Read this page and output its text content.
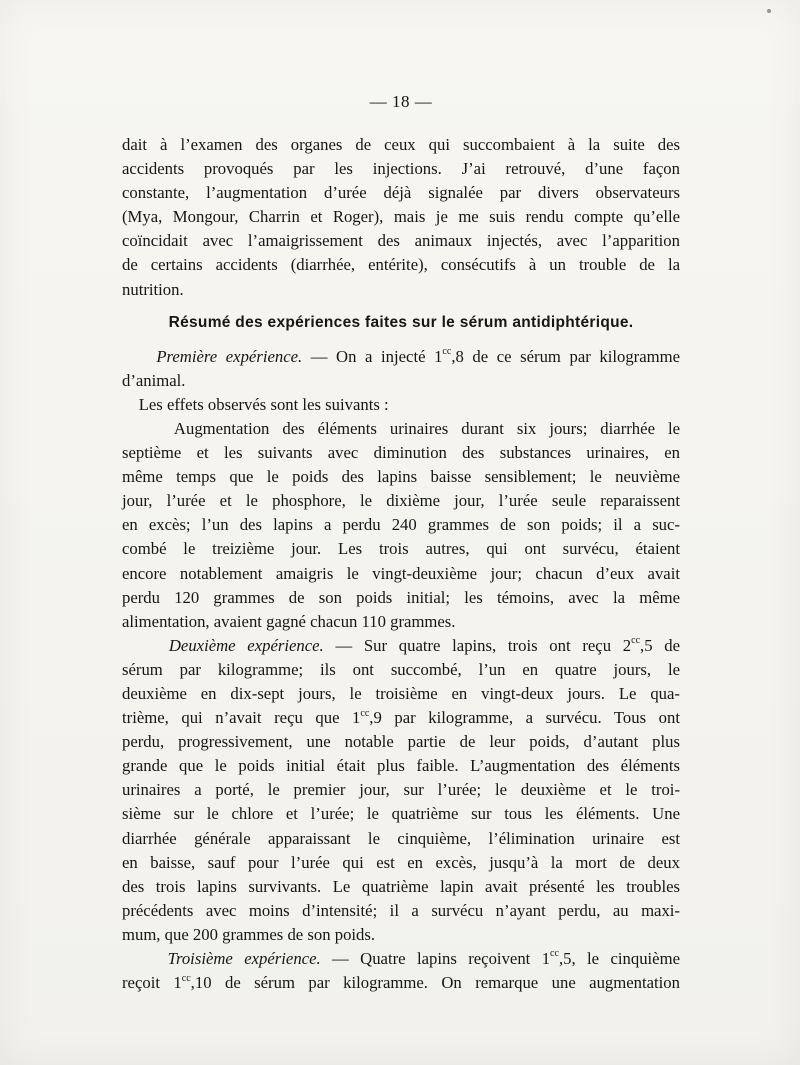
— 18 —
dait à l’examen des organes de ceux qui succombaient à la suite des
accidents provoqués par les injections. J’ai retrouvé, d’une façon
constante, l’augmentation d’urée déjà signalée par divers observateurs
(Mya, Mongour, Charrin et Roger), mais je me suis rendu compte qu’elle
coïncidait avec l’amaigrissement des animaux injectés, avec l’apparition
de certains accidents (diarrhée, entérite), consécutifs à un trouble de la
nutrition.
Résumé des expériences faites sur le sérum antidiphtérique.
Première expérience. — On a injecté $1^{cc},8$ de ce sérum par kilogramme
d’animal.
Les effets observés sont les suivants :
Augmentation des éléments urinaires durant six jours; diarrhée le
septième et les suivants avec diminution des substances urinaires, en
même temps que le poids des lapins baisse sensiblement; le neuvième
jour, l’urée et le phosphore, le dixième jour, l’urée seule reparaissent
en excès; l’un des lapins a perdu 240 grammes de son poids; il a suc-
combé le treizième jour. Les trois autres, qui ont survécu, étaient
encore notablement amaigris le vingt-deuxième jour; chacun d’eux avait
perdu 120 grammes de son poids initial; les témoins, avec la même
alimentation, avaient gagné chacun 110 grammes.
Deuxième expérience. — Sur quatre lapins, trois ont reçu $2^{cc},5$ de
sérum par kilogramme; ils ont succombé, l’un en quatre jours, le
deuxième en dix-sept jours, le troisième en vingt-deux jours. Le qua-
trième, qui n’avait reçu que $1^{cc},9$ par kilogramme, a survécu. Tous ont
perdu, progressivement, une notable partie de leur poids, d’autant plus
grande que le poids initial était plus faible. L’augmentation des éléments
urinaires a porté, le premier jour, sur l’urée; le deuxième et le troi-
sième sur le chlore et l’urée; le quatrième sur tous les éléments. Une
diarrhée générale apparaissant le cinquième, l’élimination urinaire est
en baisse, sauf pour l’urée qui est en excès, jusqu’à la mort de deux
des trois lapins survivants. Le quatrième lapin avait présenté les troubles
précédents avec moins d’intensité; il a survécu n’ayant perdu, au maxi-
mum, que 200 grammes de son poids.
Troisième expérience. — Quatre lapins reçoivent $1^{cc},5$, le cinquième
reçoit $1^{cc},10$ de sérum par kilogramme. On remarque une augmentation
